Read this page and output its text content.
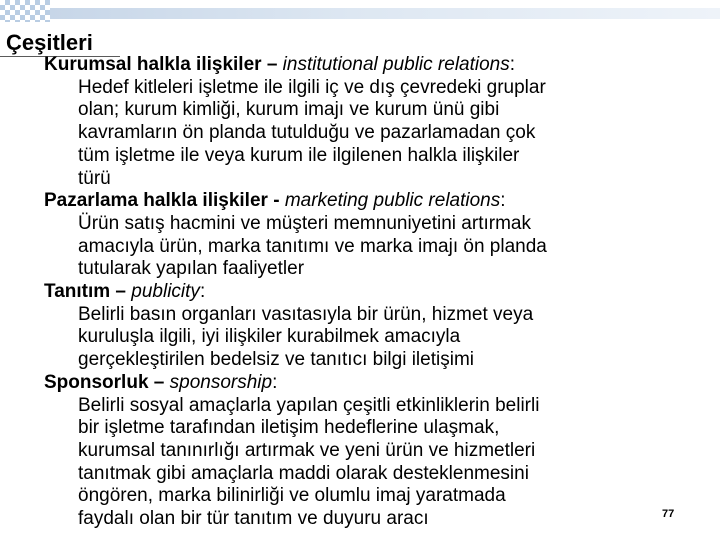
Çeşitleri
Kurumsal halkla ilişkiler – institutional public relations:
Hedef kitleleri işletme ile ilgili iç ve dış çevredeki gruplar
olan; kurum kimliği, kurum imajı ve kurum ünü gibi
kavramların ön planda tutulduğu ve pazarlamadan çok
tüm işletme ile veya kurum ile ilgilenen halkla ilişkiler
türü
Pazarlama halkla ilişkiler - marketing public relations:
Ürün satış hacmini ve müşteri memnuniyetini artırmak
amacıyla ürün, marka tanıtımı ve marka imajı ön planda
tutularak yapılan faaliyetler
Tanıtım – publicity:
Belirli basın organları vasıtasıyla bir ürün, hizmet veya
kuruluşla ilgili, iyi ilişkiler kurabilmek amacıyla
gerçekleştirilen bedelsiz ve tanıtıcı bilgi iletişimi
Sponsorluk – sponsorship:
Belirli sosyal amaçlarla yapılan çeşitli etkinliklerin belirli
bir işletme tarafından iletişim hedeflerine ulaşmak,
kurumsal tanınırlığı artırmak ve yeni ürün ve hizmetleri
tanıtmak gibi amaçlarla maddi olarak desteklenmesini
öngören, marka bilinirliği ve olumlu imaj yaratmada
faydalı olan bir tür tanıtım ve duyuru aracı	77
